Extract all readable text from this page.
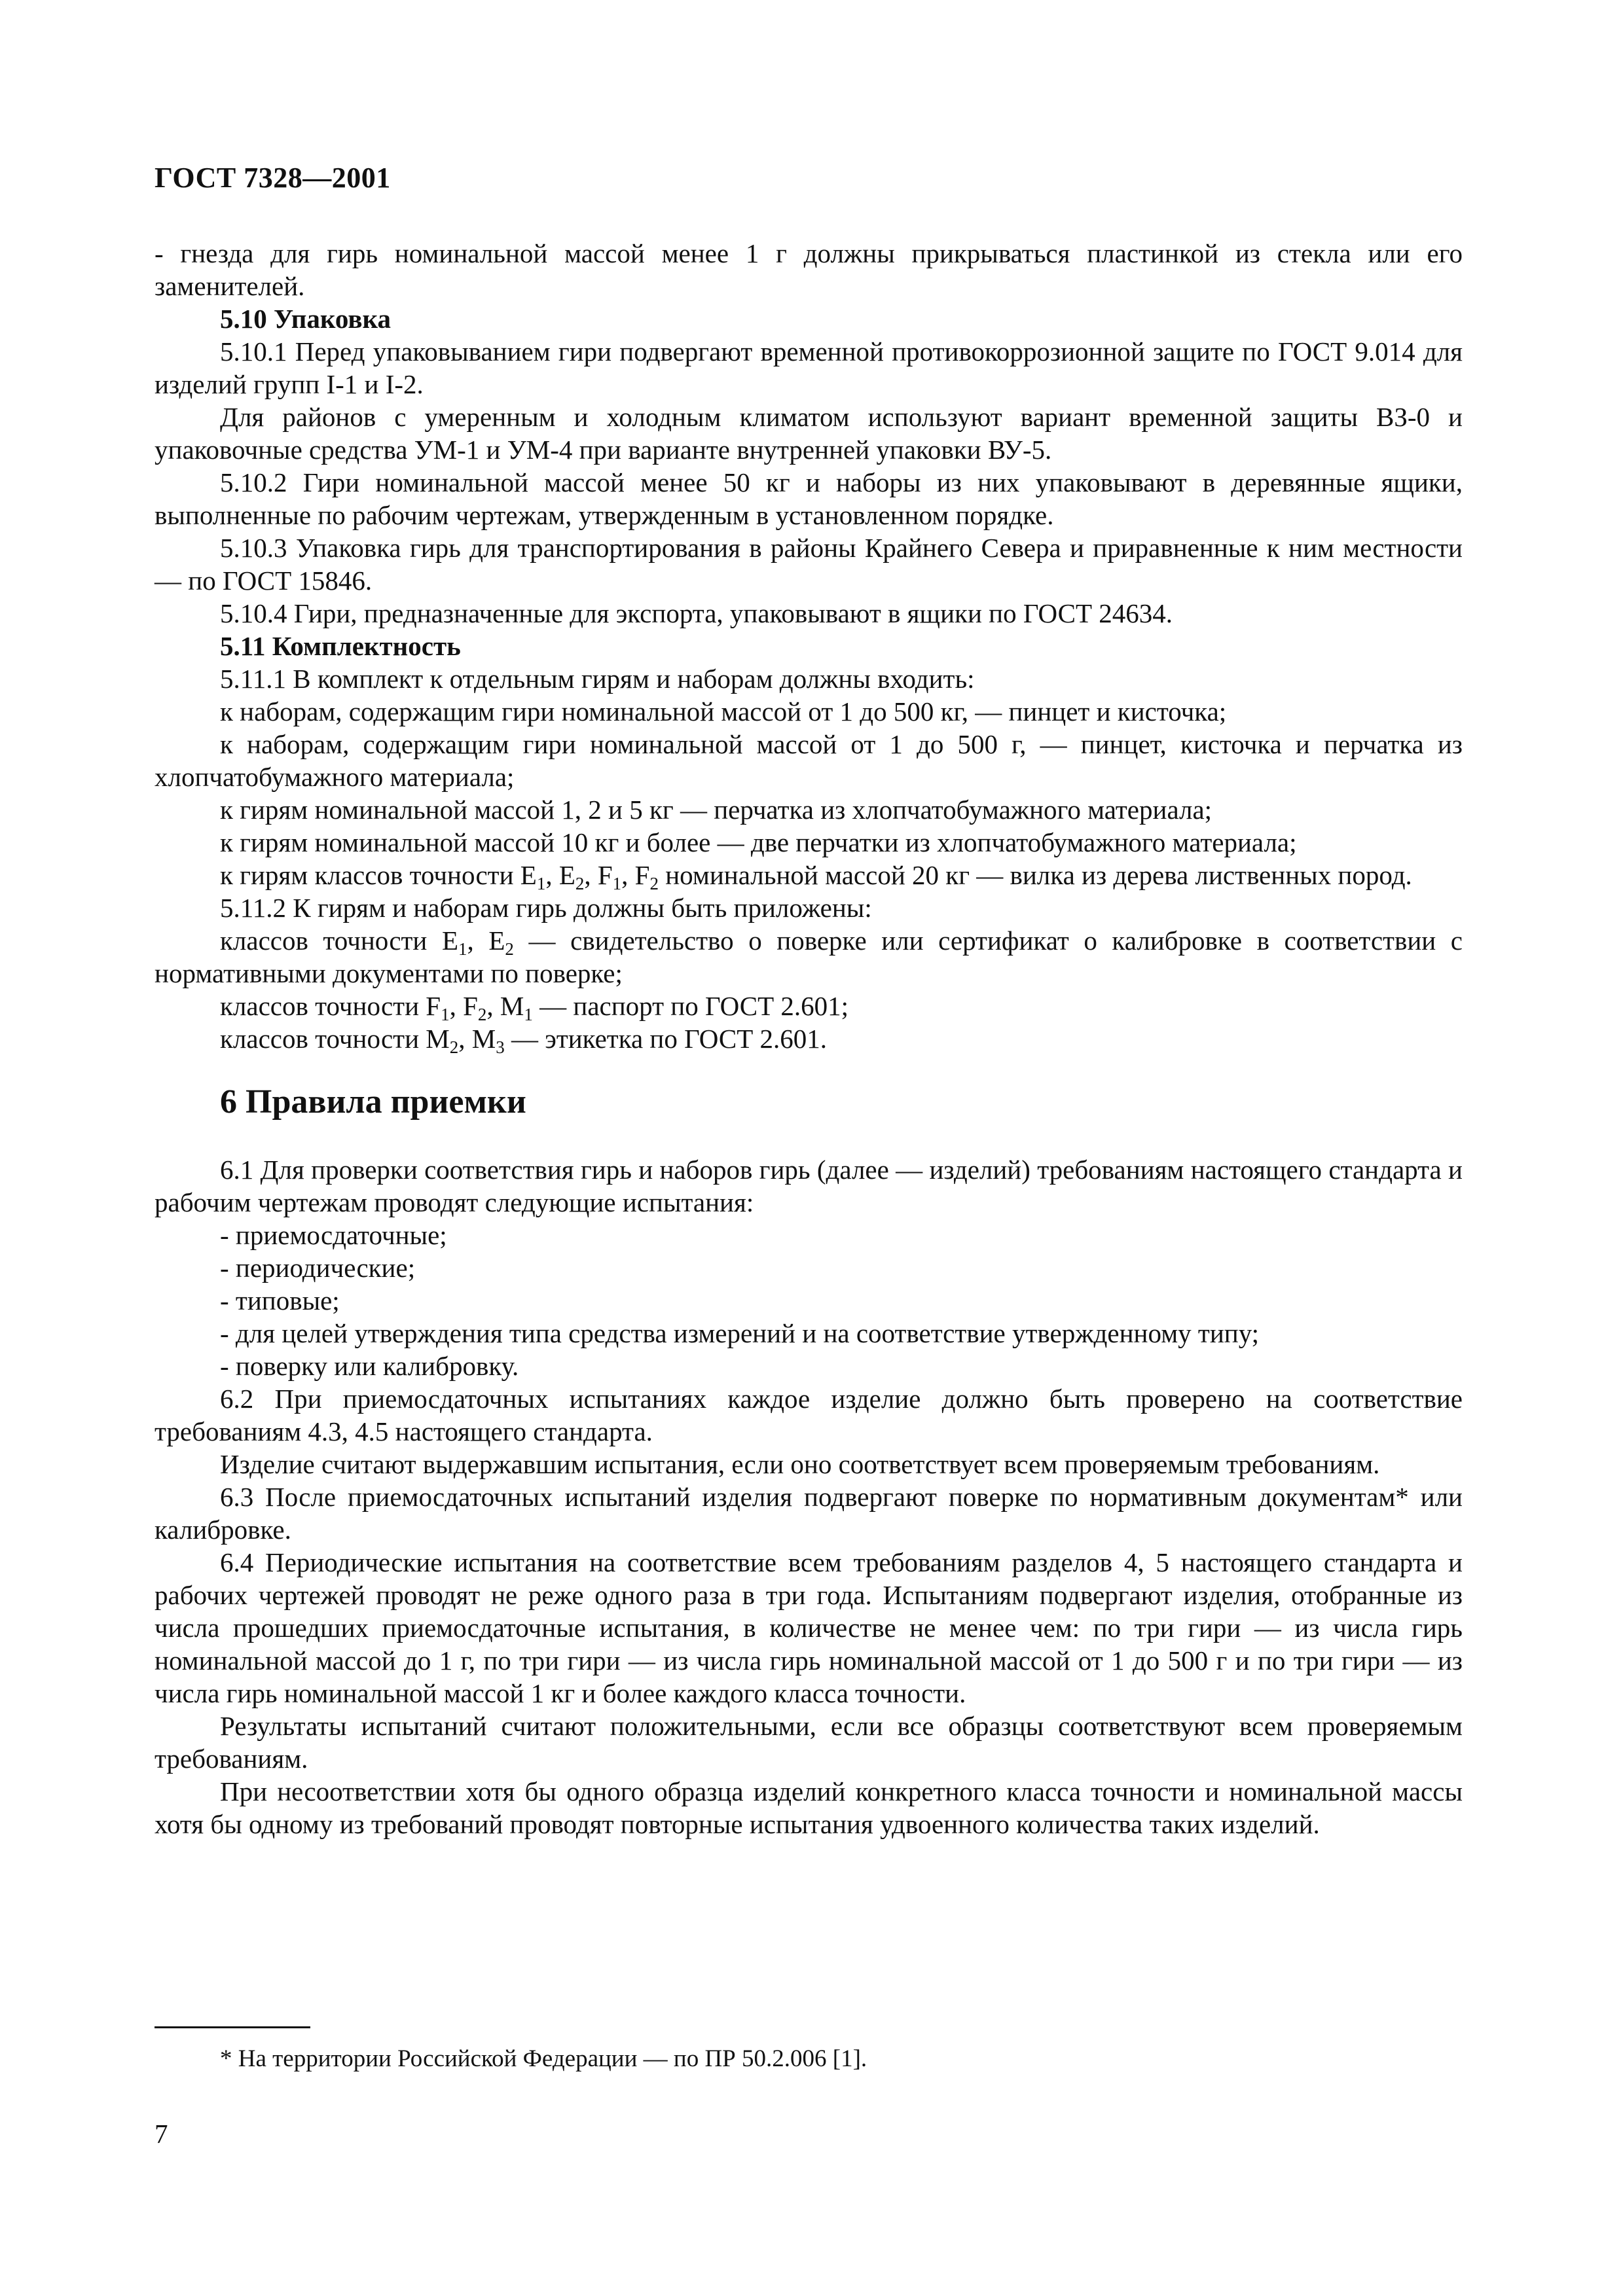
ГОСТ 7328—2001

- гнезда для гирь номинальной массой менее 1 г должны прикрываться пластинкой из стекла или его заменителей.

5.10 Упаковка

5.10.1 Перед упаковыванием гири подвергают временной противокоррозионной защите по ГОСТ 9.014 для изделий групп I-1 и I-2.

Для районов с умеренным и холодным климатом используют вариант временной защиты ВЗ-0 и упаковочные средства УМ-1 и УМ-4 при варианте внутренней упаковки ВУ-5.

5.10.2 Гири номинальной массой менее 50 кг и наборы из них упаковывают в деревянные ящики, выполненные по рабочим чертежам, утвержденным в установленном порядке.

5.10.3 Упаковка гирь для транспортирования в районы Крайнего Севера и приравненные к ним местности — по ГОСТ 15846.

5.10.4 Гири, предназначенные для экспорта, упаковывают в ящики по ГОСТ 24634.

5.11 Комплектность

5.11.1 В комплект к отдельным гирям и наборам должны входить:

к наборам, содержащим гири номинальной массой от 1 до 500 кг, — пинцет и кисточка;

к наборам, содержащим гири номинальной массой от 1 до 500 г, — пинцет, кисточка и перчатка из хлопчатобумажного материала;

к гирям номинальной массой 1, 2 и 5 кг — перчатка из хлопчатобумажного материала;

к гирям номинальной массой 10 кг и более — две перчатки из хлопчатобумажного материала;

к гирям классов точности $E_1$, $E_2$, $F_1$, $F_2$ номинальной массой 20 кг — вилка из дерева лиственных пород.

5.11.2 К гирям и наборам гирь должны быть приложены:

классов точности $E_1$, $E_2$ — свидетельство о поверке или сертификат о калибровке в соответствии с нормативными документами по поверке;

классов точности $F_1$, $F_2$, $M_1$ — паспорт по ГОСТ 2.601;

классов точности $M_2$, $M_3$ — этикетка по ГОСТ 2.601.

6 Правила приемки

6.1 Для проверки соответствия гирь и наборов гирь (далее — изделий) требованиям настоящего стандарта и рабочим чертежам проводят следующие испытания:

- приемосдаточные;

- периодические;

- типовые;

- для целей утверждения типа средства измерений и на соответствие утвержденному типу;

- поверку или калибровку.

6.2 При приемосдаточных испытаниях каждое изделие должно быть проверено на соответствие требованиям 4.3, 4.5 настоящего стандарта.

Изделие считают выдержавшим испытания, если оно соответствует всем проверяемым требованиям.

6.3 После приемосдаточных испытаний изделия подвергают поверке по нормативным документам* или калибровке.

6.4 Периодические испытания на соответствие всем требованиям разделов 4, 5 настоящего стандарта и рабочих чертежей проводят не реже одного раза в три года. Испытаниям подвергают изделия, отобранные из числа прошедших приемосдаточные испытания, в количестве не менее чем: по три гири — из числа гирь номинальной массой до 1 г, по три гири — из числа гирь номинальной массой от 1 до 500 г и по три гири — из числа гирь номинальной массой 1 кг и более каждого класса точности.

Результаты испытаний считают положительными, если все образцы соответствуют всем проверяемым требованиям.

При несоответствии хотя бы одного образца изделий конкретного класса точности и номинальной массы хотя бы одному из требований проводят повторные испытания удвоенного количества таких изделий.

* На территории Российской Федерации — по ПР 50.2.006 [1].
7
